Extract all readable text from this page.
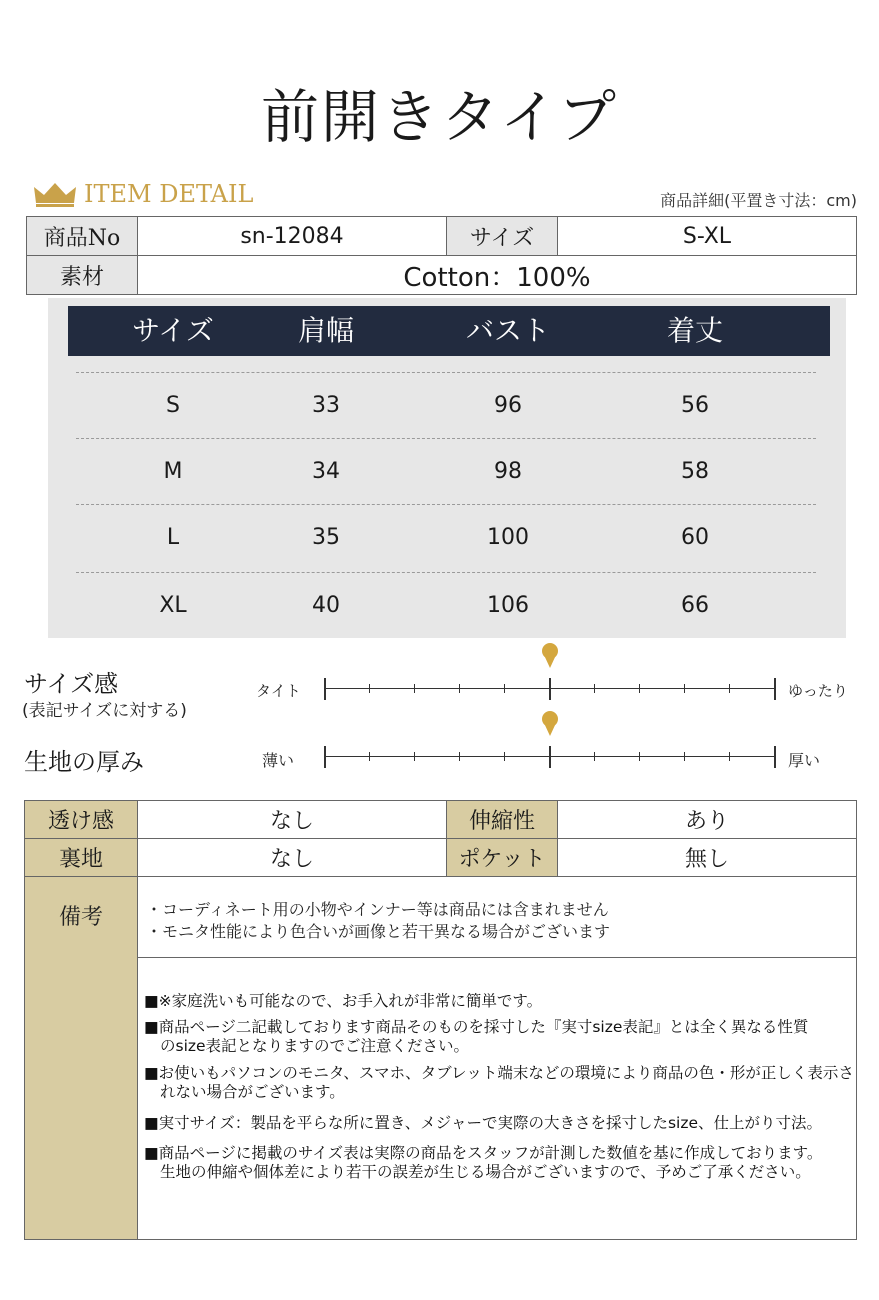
前開きタイプ
ITEM DETAIL	商品詳細(平置き寸法：cm)
商品No	sn-12084	サイズ	S-XL
素材	Cotton：100%
サイズ	肩幅	バスト	着丈
S	33	96	56
M	34	98	58
L	35	100	60
XL	40	106	66
サイズ感
(表記サイズに対する)
タイト	ゆったり
生地の厚み	薄い	厚い
透け感	なし	伸縮性	あり
裏地	なし	ポケット	無し
備考	・コーディネート用の小物やインナー等は商品には含まれません
・モニタ性能により色合いが画像と若干異なる場合がございます
■※家庭洗いも可能なので、お手入れが非常に簡単です。
■商品ページ二記載しております商品そのものを採寸した『実寸size表記』とは全く異なる性質
のsize表記となりますのでご注意ください。
■お使いもパソコンのモニタ、スマホ、タブレット端末などの環境により商品の色・形が正しく表示さ
れない場合がございます。
■実寸サイズ：製品を平らな所に置き、メジャーで実際の大きさを採寸したsize、仕上がり寸法。
■商品ページに掲載のサイズ表は実際の商品をスタッフが計測した数値を基に作成しております。
生地の伸縮や個体差により若干の誤差が生じる場合がございますので、予めご了承ください。
